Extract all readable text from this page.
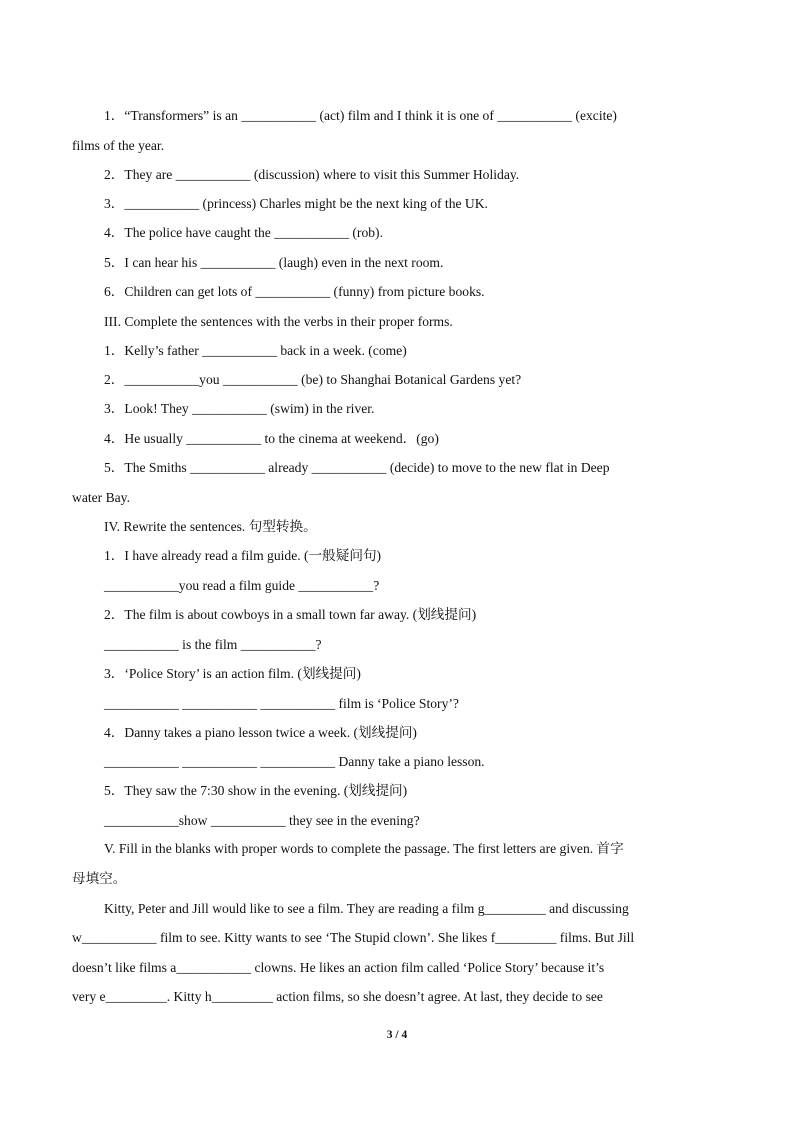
1．“Transformers” is an ___________ (act) film and I think it is one of ___________ (excite)
films of the year.
2．They are ___________ (discussion) where to visit this Summer Holiday.
3．___________ (princess) Charles might be the next king of the UK.
4．The police have caught the ___________ (rob).
5．I can hear his ___________ (laugh) even in the next room.
6．Children can get lots of ___________ (funny) from picture books.
III. Complete the sentences with the verbs in their proper forms.
1．Kelly’s father ___________ back in a week. (come)
2．___________you ___________ (be) to Shanghai Botanical Gardens yet?
3．Look! They ___________ (swim) in the river.
4．He usually ___________ to the cinema at weekend．(go)
5．The Smiths ___________ already ___________ (decide) to move to the new flat in Deep
water Bay.
IV. Rewrite the sentences. 句型转换。
1．I have already read a film guide. (一般疑问句)
___________you read a film guide ___________?
2．The film is about cowboys in a small town far away. (划线提问)
___________ is the film ___________?
3．‘Police Story’ is an action film. (划线提问)
___________ ___________ ___________ film is ‘Police Story’?
4．Danny takes a piano lesson twice a week. (划线提问)
___________ ___________ ___________ Danny take a piano lesson.
5．They saw the 7:30 show in the evening. (划线提问)
___________show ___________ they see in the evening?
V. Fill in the blanks with proper words to complete the passage. The first letters are given. 首字
母填空。
Kitty, Peter and Jill would like to see a film. They are reading a film g_________ and discussing
w___________ film to see. Kitty wants to see ‘The Stupid clown’. She likes f_________ films. But Jill
doesn’t like films a___________ clowns. He likes an action film called ‘Police Story’ because it’s
very e_________. Kitty h_________ action films, so she doesn’t agree. At last, they decide to see
3 / 4
